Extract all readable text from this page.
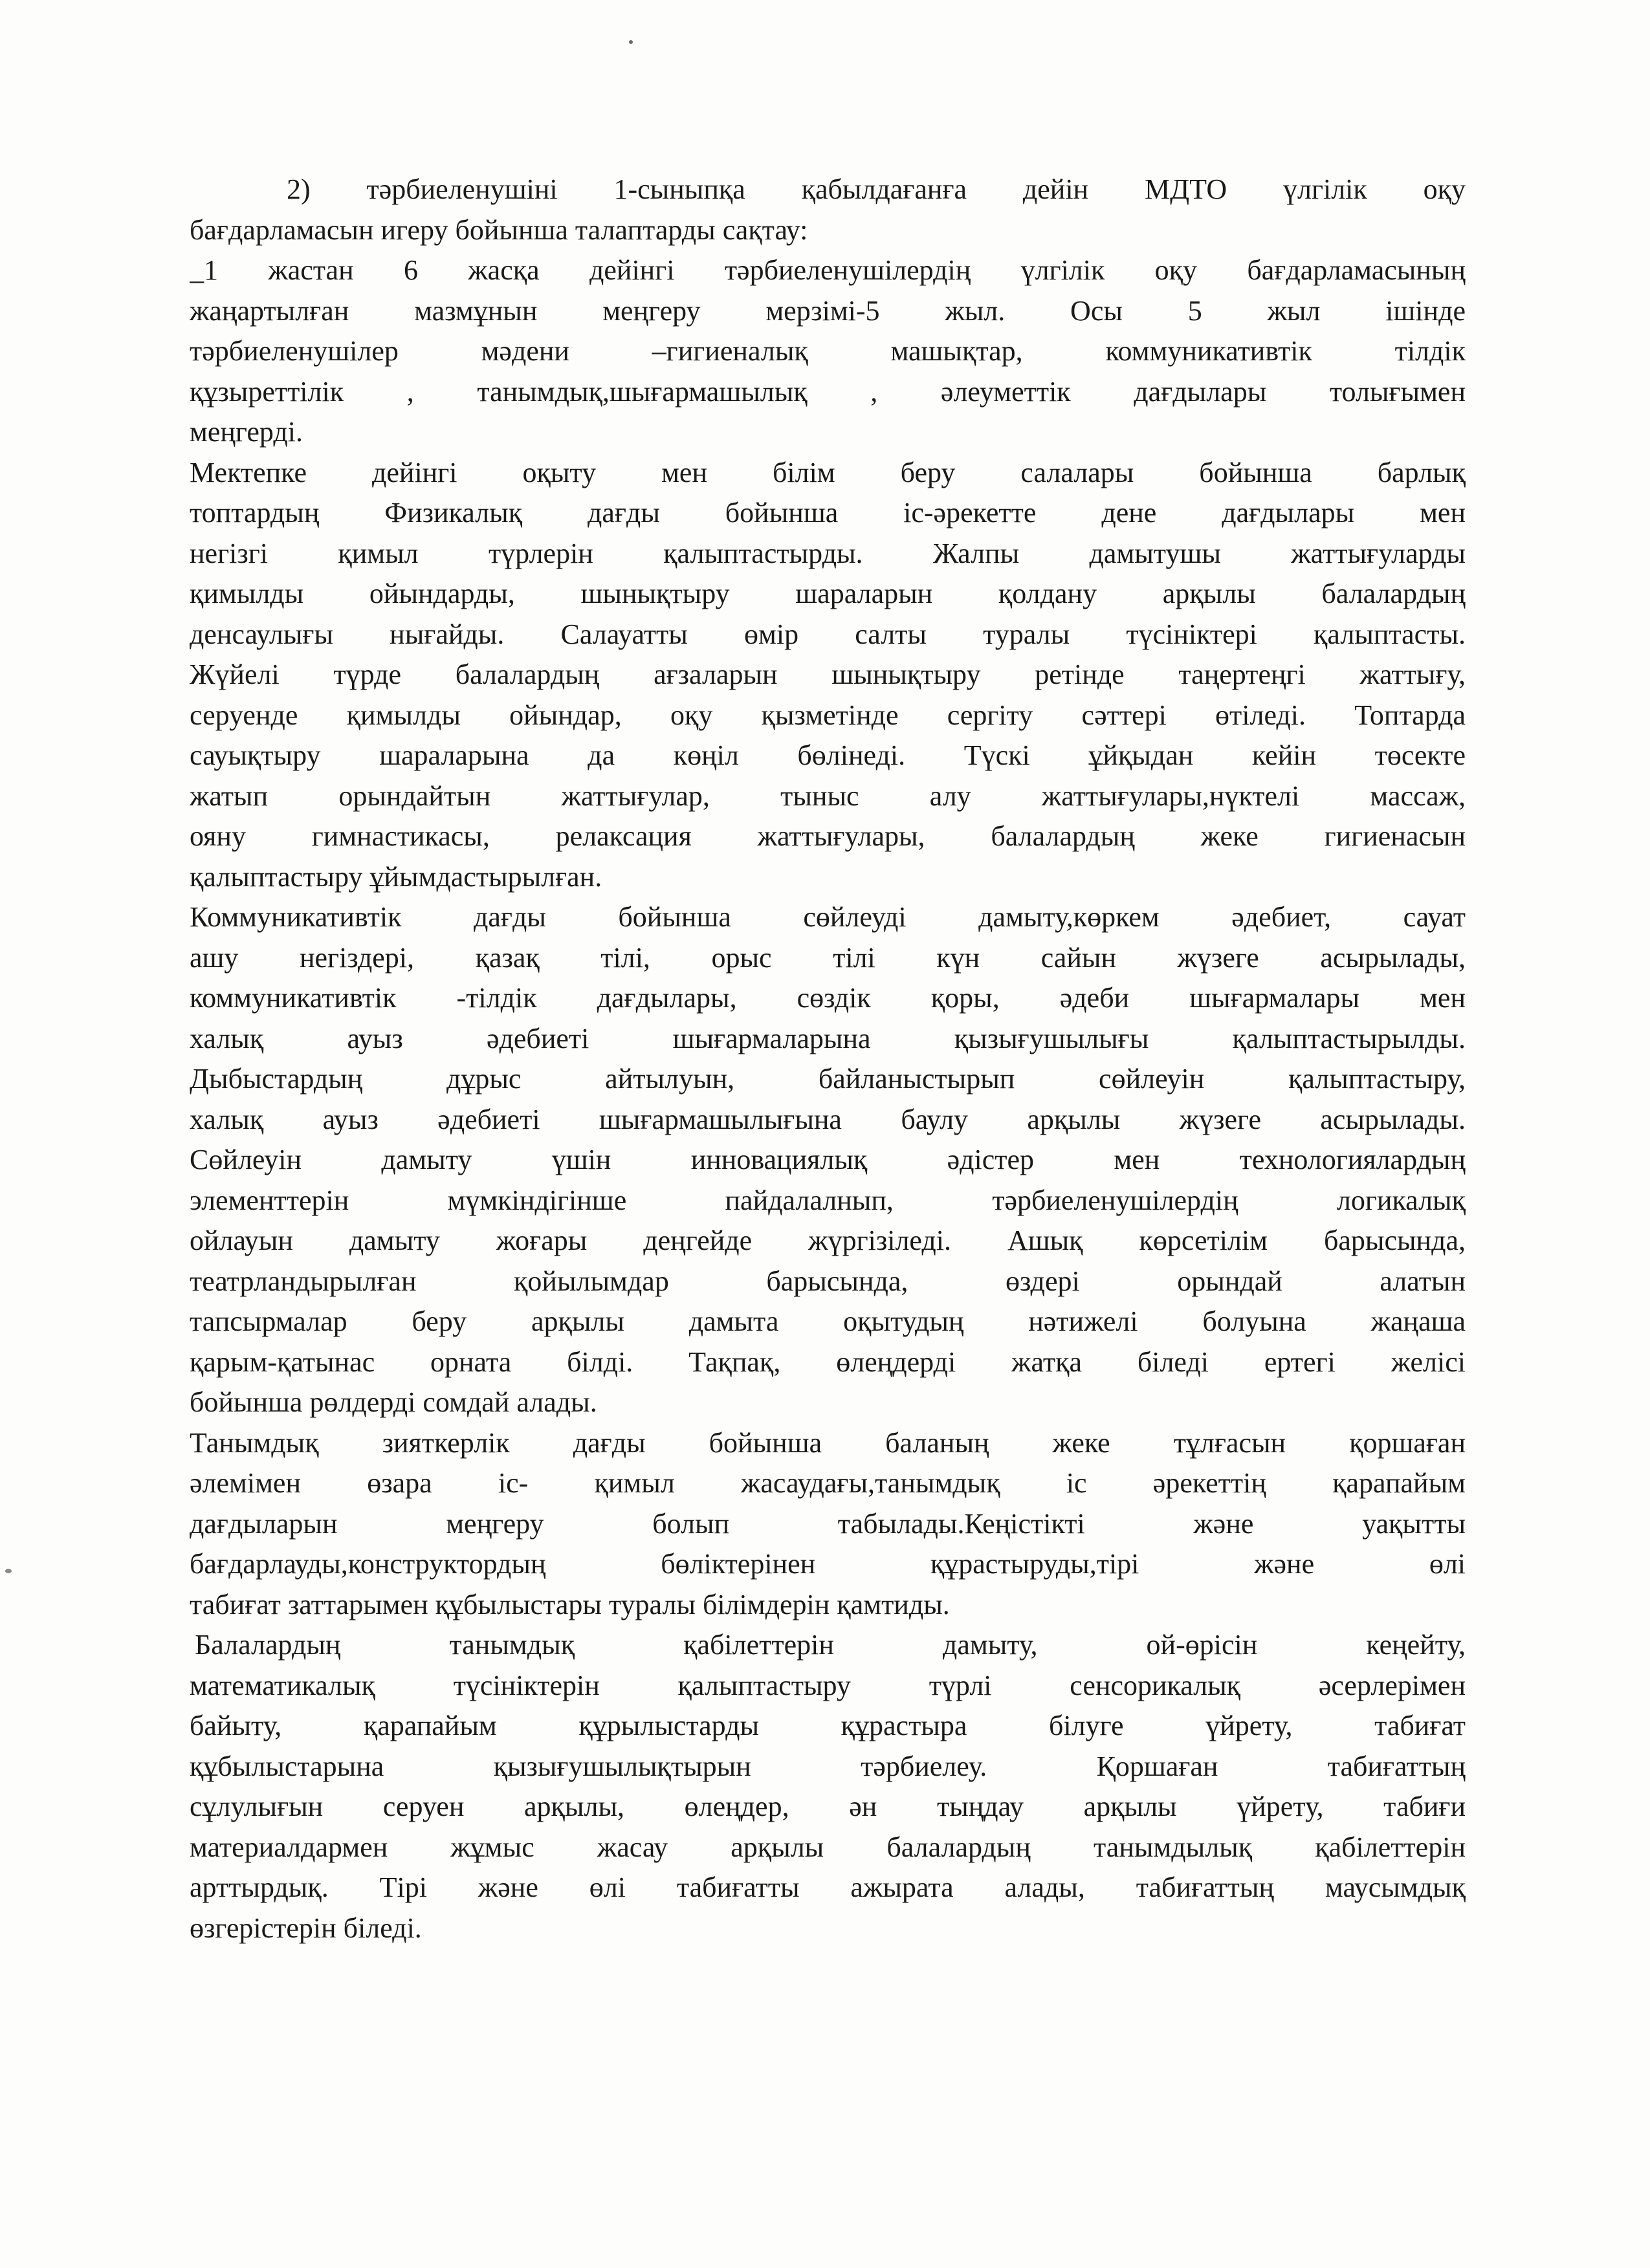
2) тәрбиеленушіні 1-сыныпқа қабылдағанға дейін МДТО үлгілік оқу

бағдарламасын игеру бойынша талаптарды сақтау:

_1 жастан 6 жасқа дейінгі тәрбиеленушілердің үлгілік оқу бағдарламасының

жаңартылған мазмұнын меңгеру мерзімі-5 жыл. Осы 5 жыл ішінде

тәрбиеленушілер мәдени –гигиеналық машықтар, коммуникативтік тілдік

құзыреттілік , танымдық,шығармашылық , әлеуметтік дағдылары толығымен

меңгерді.

Мектепке дейінгі оқыту мен білім беру салалары бойынша барлық

топтардың Физикалық дағды бойынша іс-әрекетте дене дағдылары мен

негізгі қимыл түрлерін қалыптастырды. Жалпы дамытушы жаттығуларды

қимылды ойындарды, шынықтыру шараларын қолдану арқылы балалардың

денсаулығы нығайды. Салауатты өмір салты туралы түсініктері қалыптасты.

Жүйелі түрде балалардың ағзаларын шынықтыру ретінде таңертеңгі жаттығу,

серуенде қимылды ойындар, оқу қызметінде сергіту сәттері өтіледі. Топтарда

сауықтыру шараларына да көңіл бөлінеді. Түскі ұйқыдан кейін төсекте

жатып орындайтын жаттығулар, тыныс алу жаттығулары,нүктелі массаж,

ояну гимнастикасы, релаксация жаттығулары, балалардың жеке гигиенасын

қалыптастыру ұйымдастырылған.

Коммуникативтік дағды бойынша сөйлеуді дамыту,көркем әдебиет, сауат

ашу негіздері, қазақ тілі, орыс тілі күн сайын жүзеге асырылады,

коммуникативтік -тілдік дағдылары, сөздік қоры, әдеби шығармалары мен

халық ауыз әдебиеті шығармаларына қызығушылығы қалыптастырылды.

Дыбыстардың дұрыс айтылуын, байланыстырып сөйлеуін қалыптастыру,

халық ауыз әдебиеті шығармашылығына баулу арқылы жүзеге асырылады.

Сөйлеуін дамыту үшін инновациялық әдістер мен технологиялардың

элементтерін мүмкіндігінше пайдалалнып, тәрбиеленушілердің логикалық

ойлауын дамыту жоғары деңгейде жүргізіледі. Ашық көрсетілім барысында,

театрландырылған қойылымдар барысында, өздері орындай алатын

тапсырмалар беру арқылы дамыта оқытудың нәтижелі болуына жаңаша

қарым-қатынас орната білді. Тақпақ, өлеңдерді жатқа біледі ертегі желісі

бойынша рөлдерді сомдай алады.

Танымдық зияткерлік дағды бойынша баланың жеке тұлғасын қоршаған

әлемімен өзара іс- қимыл жасаудағы,танымдық іс әрекеттің қарапайым

дағдыларын меңгеру болып табылады.Кеңістікті және уақытты

бағдарлауды,конструктордың бөліктерінен құрастыруды,тірі және өлі

табиғат заттарымен құбылыстары туралы білімдерін қамтиды.

Балалардың танымдық қабілеттерін дамыту, ой-өрісін кеңейту,

математикалық түсініктерін қалыптастыру түрлі сенсорикалық әсерлерімен

байыту, қарапайым құрылыстарды құрастыра білуге үйрету, табиғат

құбылыстарына қызығушылықтырын тәрбиелеу. Қоршаған табиғаттың

сұлулығын серуен арқылы, өлеңдер, ән тыңдау арқылы үйрету, табиғи

материалдармен жұмыс жасау арқылы балалардың танымдылық қабілеттерін

арттырдық. Тірі және өлі табиғатты ажырата алады, табиғаттың маусымдық

өзгерістерін біледі.
